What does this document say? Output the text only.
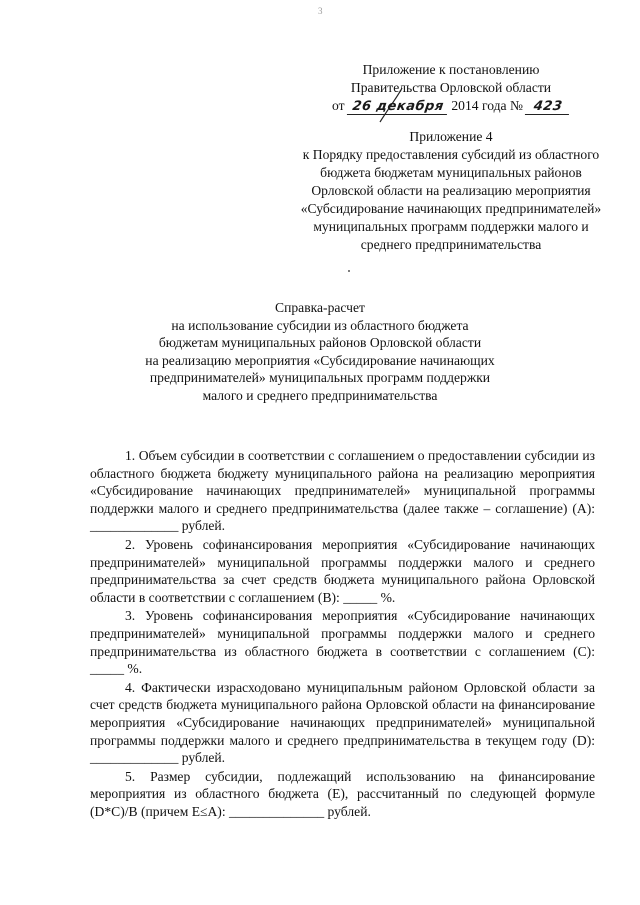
3
Приложение к постановлению
Правительства Орловской области
от 26 декабря 2014 года № 423
Приложение 4
к Порядку предоставления субсидий из областного бюджета бюджетам муниципальных районов Орловской области на реализацию мероприятия «Субсидирование начинающих предпринимателей» муниципальных программ поддержки малого и среднего предпринимательства
Справка-расчет
на использование субсидии из областного бюджета
бюджетам муниципальных районов Орловской области
на реализацию мероприятия «Субсидирование начинающих
предпринимателей» муниципальных программ поддержки
малого и среднего предпринимательства

1. Объем субсидии в соответствии с соглашением о предоставлении субсидии из областного бюджета бюджету муниципального района на реализацию мероприятия «Субсидирование начинающих предпринимателей» муниципальной программы поддержки малого и среднего предпринимательства (далее также – соглашение) (А): _____________ рублей.

2. Уровень софинансирования мероприятия «Субсидирование начинающих предпринимателей» муниципальной программы поддержки малого и среднего предпринимательства за счет средств бюджета муниципального района Орловской области в соответствии с соглашением (В): _____ %.

3. Уровень софинансирования мероприятия «Субсидирование начинающих предпринимателей» муниципальной программы поддержки малого и среднего предпринимательства из областного бюджета в соответствии с соглашением (С): _____ %.

4. Фактически израсходовано муниципальным районом Орловской области за счет средств бюджета муниципального района Орловской области на финансирование мероприятия «Субсидирование начинающих предпринимателей» муниципальной программы поддержки малого и среднего предпринимательства в текущем году (D): _____________ рублей.

5. Размер субсидии, подлежащий использованию на финансирование мероприятия из областного бюджета (Е), рассчитанный по следующей формуле (D*C)/B (причем Е≤А): ______________ рублей.
